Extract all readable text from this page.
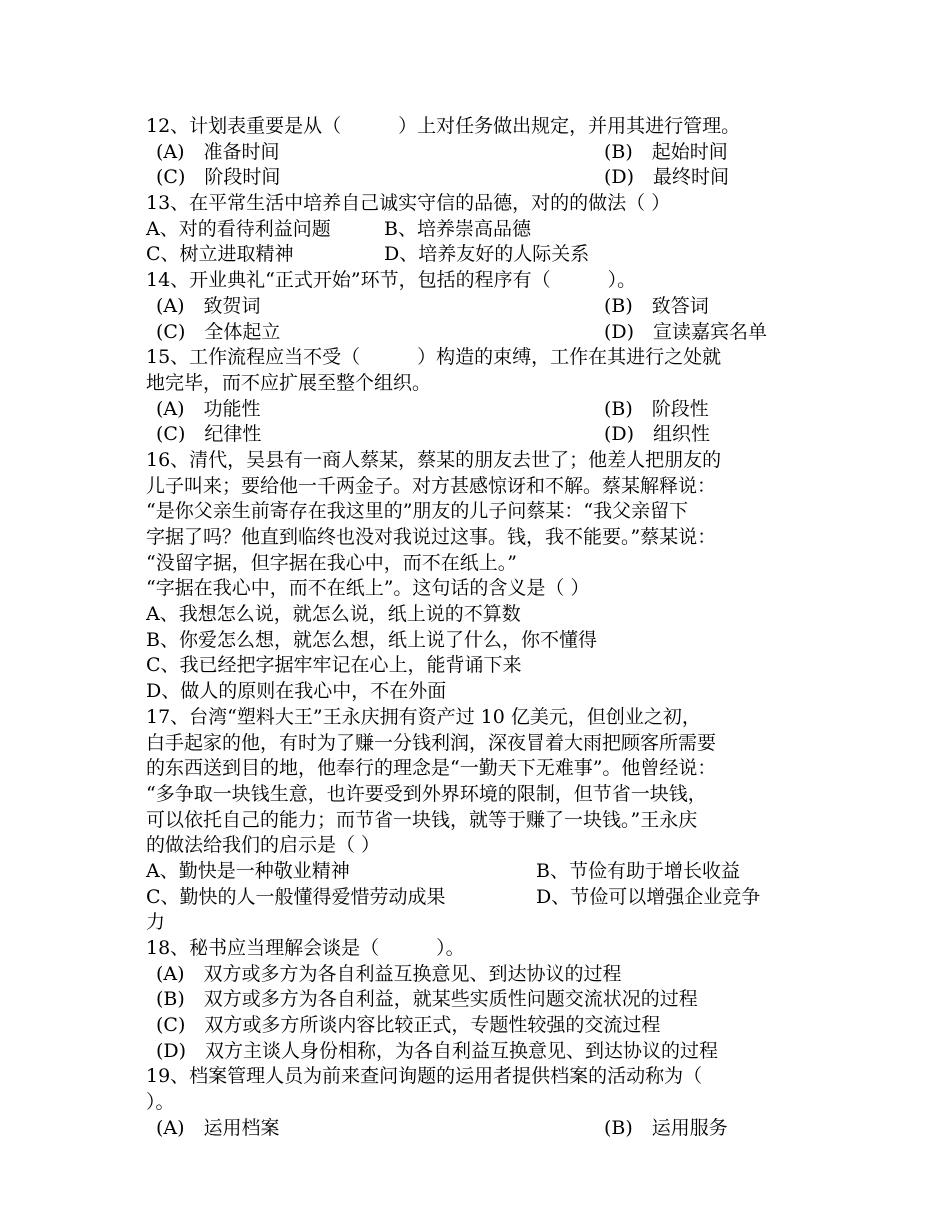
12、计划表重要是从（　　　）上对任务做出规定，并用其进行管理。
(A)　准备时间	(B)　起始时间
(C)　阶段时间	(D)　最终时间
13、在平常生活中培养自己诚实守信的品德，对的的做法（ ）
A、对的看待利益问题	B、培养崇高品德
C、树立进取精神	D、培养友好的人际关系
14、开业典礼“正式开始”环节，包括的程序有（　　　）。
(A)　致贺词	(B)　致答词
(C)　全体起立	(D)　宣读嘉宾名单
15、工作流程应当不受（　　　）构造的束缚，工作在其进行之处就
地完毕，而不应扩展至整个组织。
(A)　功能性	(B)　阶段性
(C)　纪律性	(D)　组织性
16、清代，吴县有一商人蔡某，蔡某的朋友去世了；他差人把朋友的
儿子叫来；要给他一千两金子。对方甚感惊讶和不解。蔡某解释说：
“是你父亲生前寄存在我这里的”朋友的儿子问蔡某：“我父亲留下
字据了吗？他直到临终也没对我说过这事。钱，我不能要。”蔡某说：
“没留字据，但字据在我心中，而不在纸上。”
“字据在我心中，而不在纸上”。这句话的含义是（ ）
A、我想怎么说，就怎么说，纸上说的不算数
B、你爱怎么想，就怎么想，纸上说了什么，你不懂得
C、我已经把字据牢牢记在心上，能背诵下来
D、做人的原则在我心中，不在外面
17、台湾“塑料大王”王永庆拥有资产过 10 亿美元，但创业之初，
白手起家的他，有时为了赚一分钱利润，深夜冒着大雨把顾客所需要
的东西送到目的地，他奉行的理念是“一勤天下无难事”。他曾经说：
“多争取一块钱生意，也许要受到外界环境的限制，但节省一块钱，
可以依托自己的能力；而节省一块钱，就等于赚了一块钱。”王永庆
的做法给我们的启示是（ ）
A、勤快是一种敬业精神	B、节俭有助于增长收益
C、勤快的人一般懂得爱惜劳动成果	D、节俭可以增强企业竞争
力
18、秘书应当理解会谈是（　　　）。
(A)　双方或多方为各自利益互换意见、到达协议的过程
(B)　双方或多方为各自利益，就某些实质性问题交流状况的过程
(C)　双方或多方所谈内容比较正式，专题性较强的交流过程
(D)　双方主谈人身份相称，为各自利益互换意见、到达协议的过程
19、档案管理人员为前来查问询题的运用者提供档案的活动称为（
）。
(A)　运用档案	(B)　运用服务
